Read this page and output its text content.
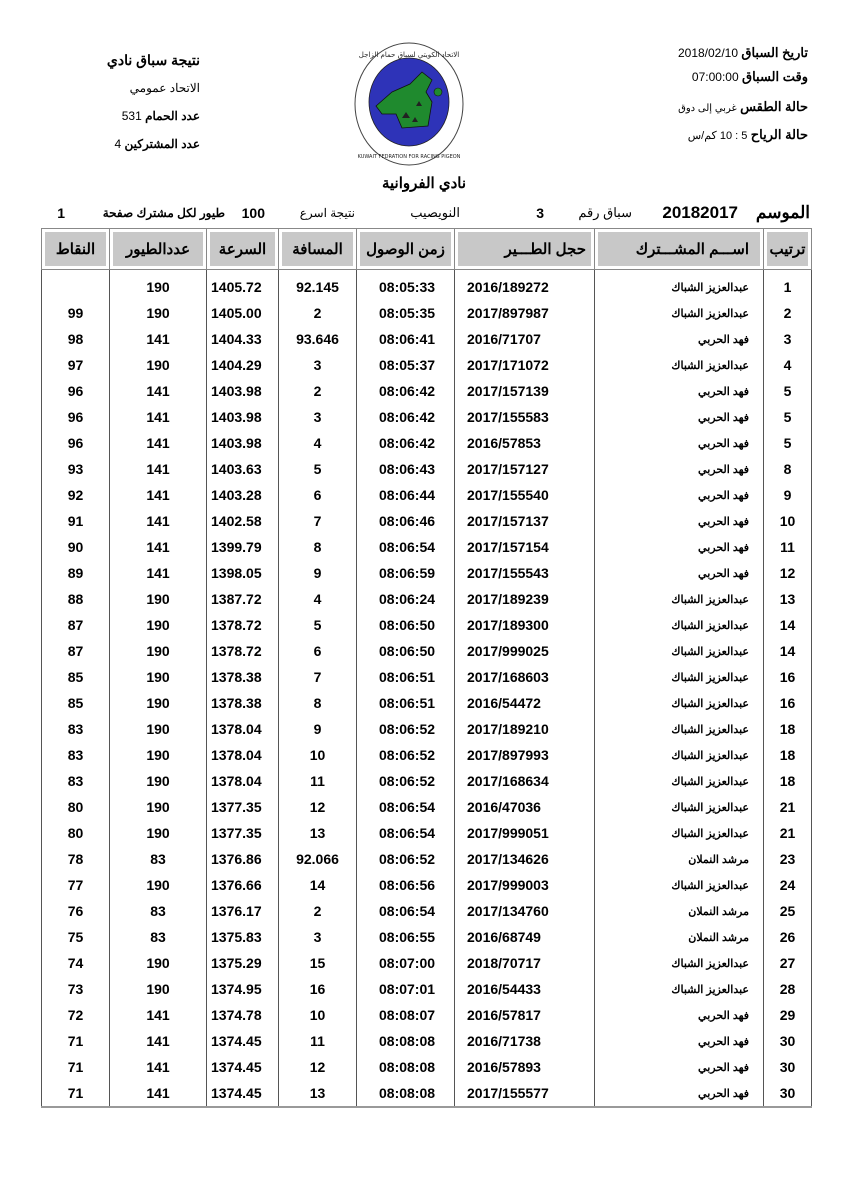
تاريخ السباق 2018/02/10
وقت السباق 07:00:00
حالة الطقس غربي إلى دوق
حالة الرياح 5 : 10 كم/س
الاتحاد الكويتي لسباق حمام الزاجل
KUWAIT FEDRATION FOR RACING PIGEON
نتيجة سباق نادي
الاتحاد عمومي
عدد الحمام 531
عدد المشتركين 4
نادي الفروانية
الموسم
20182017
سباق رقم
3
النويصيب
نتيجة اسرع
100
طيور لكل مشترك صفحة
1
ترتيب	اســـم المشـــترك	حجل الطـــير	زمن الوصول	المسافة	السرعة	عددالطيور	النقاط
1	عبدالعزيز الشباك	2016/189272	08:05:33	92.145	1405.72	190	
2	عبدالعزيز الشباك	2017/897987	08:05:35	2	1405.00	190	99
3	فهد الحربي	2016/71707	08:06:41	93.646	1404.33	141	98
4	عبدالعزيز الشباك	2017/171072	08:05:37	3	1404.29	190	97
5	فهد الحربي	2017/157139	08:06:42	2	1403.98	141	96
5	فهد الحربي	2017/155583	08:06:42	3	1403.98	141	96
5	فهد الحربي	2016/57853	08:06:42	4	1403.98	141	96
8	فهد الحربي	2017/157127	08:06:43	5	1403.63	141	93
9	فهد الحربي	2017/155540	08:06:44	6	1403.28	141	92
10	فهد الحربي	2017/157137	08:06:46	7	1402.58	141	91
11	فهد الحربي	2017/157154	08:06:54	8	1399.79	141	90
12	فهد الحربي	2017/155543	08:06:59	9	1398.05	141	89
13	عبدالعزيز الشباك	2017/189239	08:06:24	4	1387.72	190	88
14	عبدالعزيز الشباك	2017/189300	08:06:50	5	1378.72	190	87
14	عبدالعزيز الشباك	2017/999025	08:06:50	6	1378.72	190	87
16	عبدالعزيز الشباك	2017/168603	08:06:51	7	1378.38	190	85
16	عبدالعزيز الشباك	2016/54472	08:06:51	8	1378.38	190	85
18	عبدالعزيز الشباك	2017/189210	08:06:52	9	1378.04	190	83
18	عبدالعزيز الشباك	2017/897993	08:06:52	10	1378.04	190	83
18	عبدالعزيز الشباك	2017/168634	08:06:52	11	1378.04	190	83
21	عبدالعزيز الشباك	2016/47036	08:06:54	12	1377.35	190	80
21	عبدالعزيز الشباك	2017/999051	08:06:54	13	1377.35	190	80
23	مرشد النملان	2017/134626	08:06:52	92.066	1376.86	83	78
24	عبدالعزيز الشباك	2017/999003	08:06:56	14	1376.66	190	77
25	مرشد النملان	2017/134760	08:06:54	2	1376.17	83	76
26	مرشد النملان	2016/68749	08:06:55	3	1375.83	83	75
27	عبدالعزيز الشباك	2018/70717	08:07:00	15	1375.29	190	74
28	عبدالعزيز الشباك	2016/54433	08:07:01	16	1374.95	190	73
29	فهد الحربي	2016/57817	08:08:07	10	1374.78	141	72
30	فهد الحربي	2016/71738	08:08:08	11	1374.45	141	71
30	فهد الحربي	2016/57893	08:08:08	12	1374.45	141	71
30	فهد الحربي	2017/155577	08:08:08	13	1374.45	141	71
